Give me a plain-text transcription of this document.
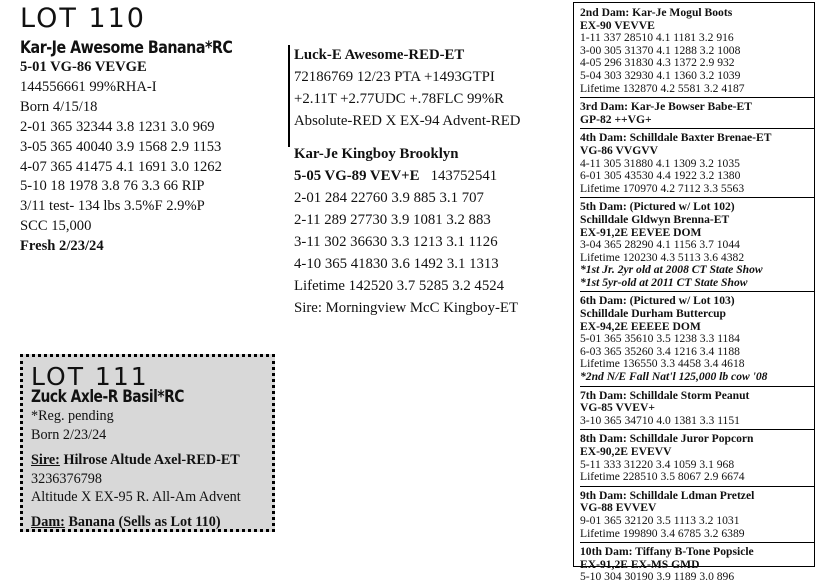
LOT 110
Kar-Je Awesome Banana*RC
5-01 VG-86 VEVGE
144556661 99%RHA-I
Born 4/15/18
2-01 365 32344 3.8 1231 3.0 969
3-05 365 40040 3.9 1568 2.9 1153
4-07 365 41475 4.1 1691 3.0 1262
5-10 18 1978 3.8 76 3.3 66 RIP
3/11 test- 134 lbs 3.5%F 2.9%P
SCC 15,000
Fresh 2/23/24
Luck-E Awesome-RED-ET
72186769 12/23 PTA +1493GTPI
+2.11T +2.77UDC +.78FLC 99%R
Absolute-RED X EX-94 Advent-RED
Kar-Je Kingboy Brooklyn
5-05 VG-89 VEV+E 143752541
2-01 284 22760 3.9 885 3.1 707
2-11 289 27730 3.9 1081 3.2 883
3-11 302 36630 3.3 1213 3.1 1126
4-10 365 41830 3.6 1492 3.1 1313
Lifetime 142520 3.7 5285 3.2 4524
Sire: Morningview McC Kingboy-ET
LOT 111
Zuck Axle-R Basil*RC
*Reg. pending
Born 2/23/24
Sire: Hilrose Altude Axel-RED-ET
3236376798
Altitude X EX-95 R. All-Am Advent
Dam: Banana (Sells as Lot 110)
2nd Dam: Kar-Je Mogul Boots
EX-90 VEVVE
1-11 337 28510 4.1 1181 3.2 916
3-00 305 31370 4.1 1288 3.2 1008
4-05 296 31830 4.3 1372 2.9 932
5-04 303 32930 4.1 1360 3.2 1039
Lifetime 132870 4.2 5581 3.2 4187
3rd Dam: Kar-Je Bowser Babe-ET
GP-82 ++VG+
4th Dam: Schilldale Baxter Brenae-ET
VG-86 VVGVV
4-11 305 31880 4.1 1309 3.2 1035
6-01 305 43530 4.4 1922 3.2 1380
Lifetime 170970 4.2 7112 3.3 5563
5th Dam: (Pictured w/ Lot 102)
Schilldale Gldwyn Brenna-ET
EX-91,2E EEVEE DOM
3-04 365 28290 4.1 1156 3.7 1044
Lifetime 120230 4.3 5113 3.6 4382
*1st Jr. 2yr old at 2008 CT State Show
*1st 5yr-old at 2011 CT State Show
6th Dam: (Pictured w/ Lot 103)
Schilldale Durham Buttercup
EX-94,2E EEEEE DOM
5-01 365 35610 3.5 1238 3.3 1184
6-03 365 35260 3.4 1216 3.4 1188
Lifetime 136550 3.3 4458 3.4 4618
*2nd N/E Fall Nat'l 125,000 lb cow '08
7th Dam: Schilldale Storm Peanut
VG-85 VVEV+
3-10 365 34710 4.0 1381 3.3 1151
8th Dam: Schilldale Juror Popcorn
EX-90,2E EVEVV
5-11 333 31220 3.4 1059 3.1 968
Lifetime 228510 3.5 8067 2.9 6674
9th Dam: Schilldale Ldman Pretzel
VG-88 EVVEV
9-01 365 32120 3.5 1113 3.2 1031
Lifetime 199890 3.4 6785 3.2 6389
10th Dam: Tiffany B-Tone Popsicle
EX-91,2E EX-MS GMD
5-10 304 30190 3.9 1189 3.0 896
